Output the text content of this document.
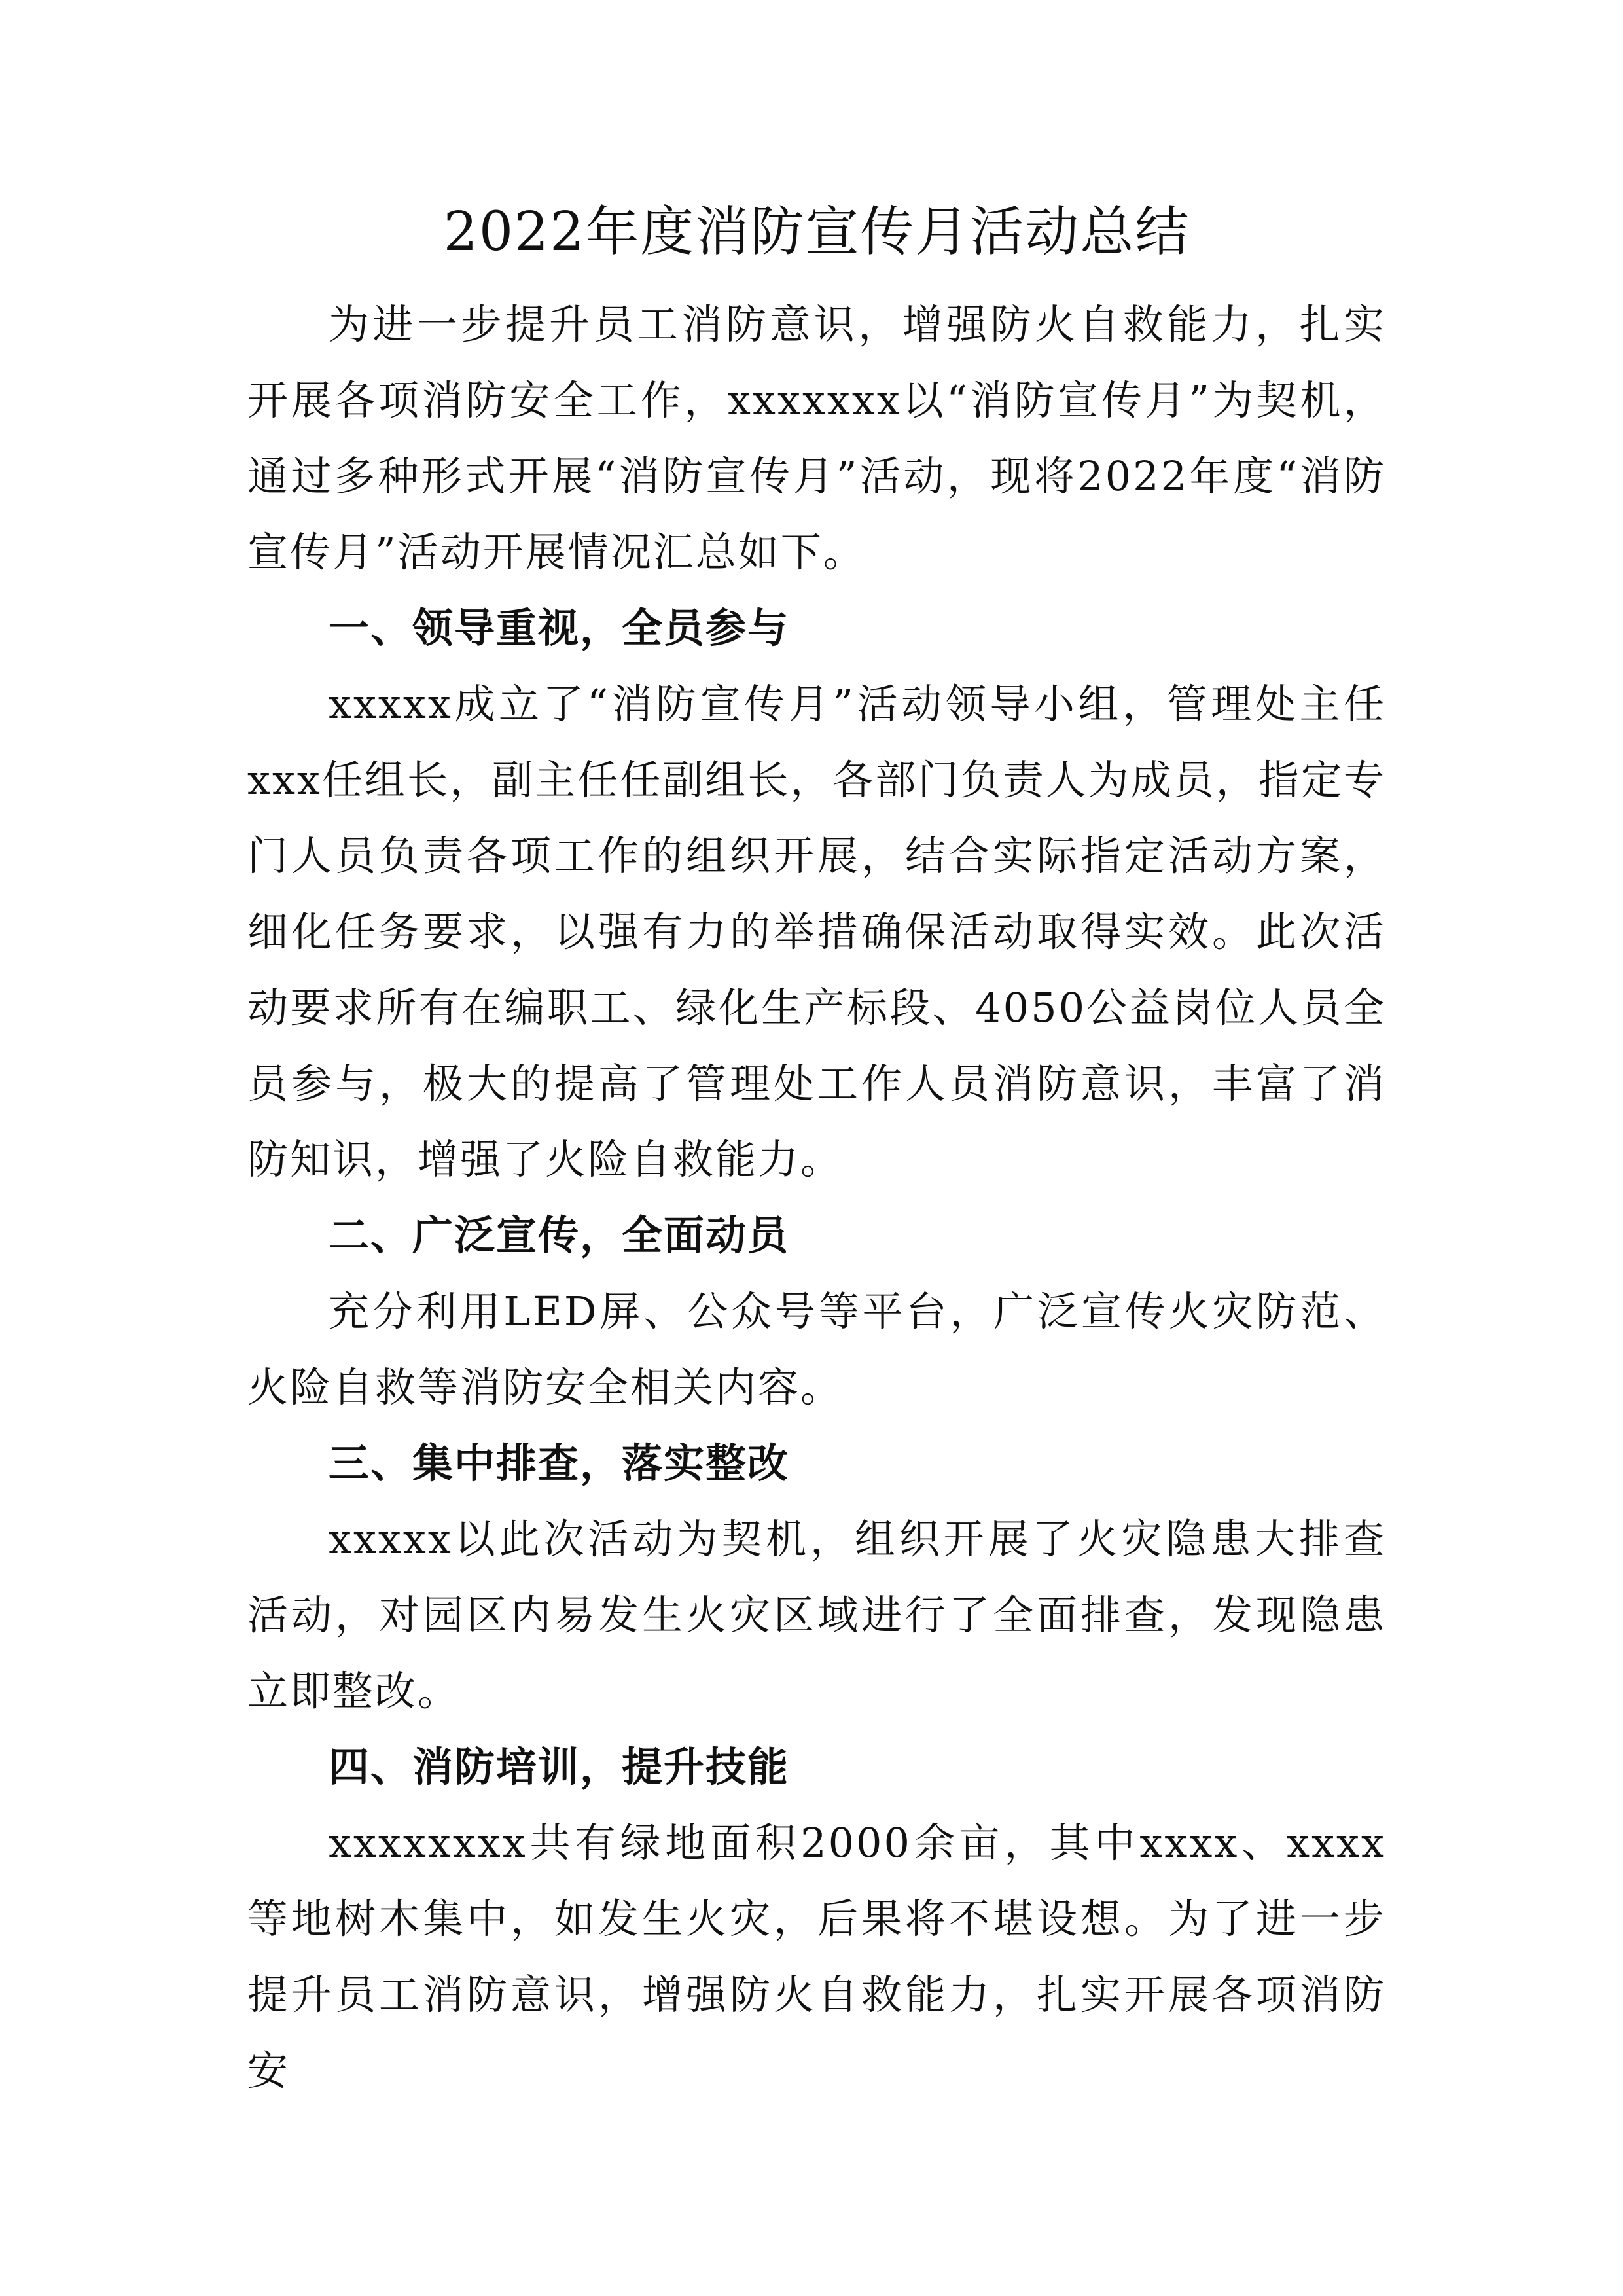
2022年度消防宣传月活动总结

为进一步提升员工消防意识，增强防火自救能力，扎实开展各项消防安全工作，xxxxxxx以“消防宣传月”为契机，通过多种形式开展“消防宣传月”活动，现将2022年度“消防宣传月”活动开展情况汇总如下。

一、领导重视，全员参与

xxxxx成立了“消防宣传月”活动领导小组，管理处主任xxx任组长，副主任任副组长，各部门负责人为成员，指定专门人员负责各项工作的组织开展，结合实际指定活动方案，细化任务要求，以强有力的举措确保活动取得实效。此次活动要求所有在编职工、绿化生产标段、4050公益岗位人员全员参与，极大的提高了管理处工作人员消防意识，丰富了消防知识，增强了火险自救能力。

二、广泛宣传，全面动员

充分利用LED屏、公众号等平台，广泛宣传火灾防范、火险自救等消防安全相关内容。

三、集中排查，落实整改

xxxxx以此次活动为契机，组织开展了火灾隐患大排查活动，对园区内易发生火灾区域进行了全面排查，发现隐患立即整改。

四、消防培训，提升技能

xxxxxxxx共有绿地面积2000余亩，其中xxxx、xxxx等地树木集中，如发生火灾，后果将不堪设想。为了进一步提升员工消防意识，增强防火自救能力，扎实开展各项消防安
